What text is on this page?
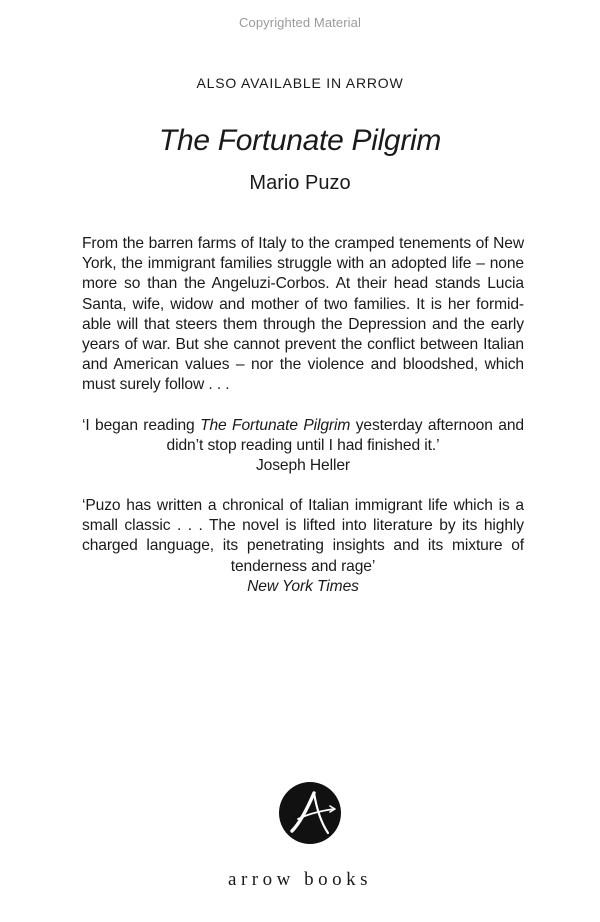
Copyrighted Material
ALSO AVAILABLE IN ARROW
The Fortunate Pilgrim
Mario Puzo

From the barren farms of Italy to the cramped tenements of New York, the immigrant families struggle with an adopted life – none more so than the Angeluzi-Corbos. At their head stands Lucia Santa, wife, widow and mother of two families. It is her formid-able will that steers them through the Depression and the early years of war. But she cannot prevent the conflict between Italian and American values – nor the violence and bloodshed, which must surely follow . . .

‘I began reading The Fortunate Pilgrim yesterday afternoon and didn’t stop reading until I had finished it.’
Joseph Heller

‘Puzo has written a chronical of Italian immigrant life which is a small classic . . . The novel is lifted into literature by its highly charged language, its penetrating insights and its mixture of tenderness and rage’
New York Times

arrow books
